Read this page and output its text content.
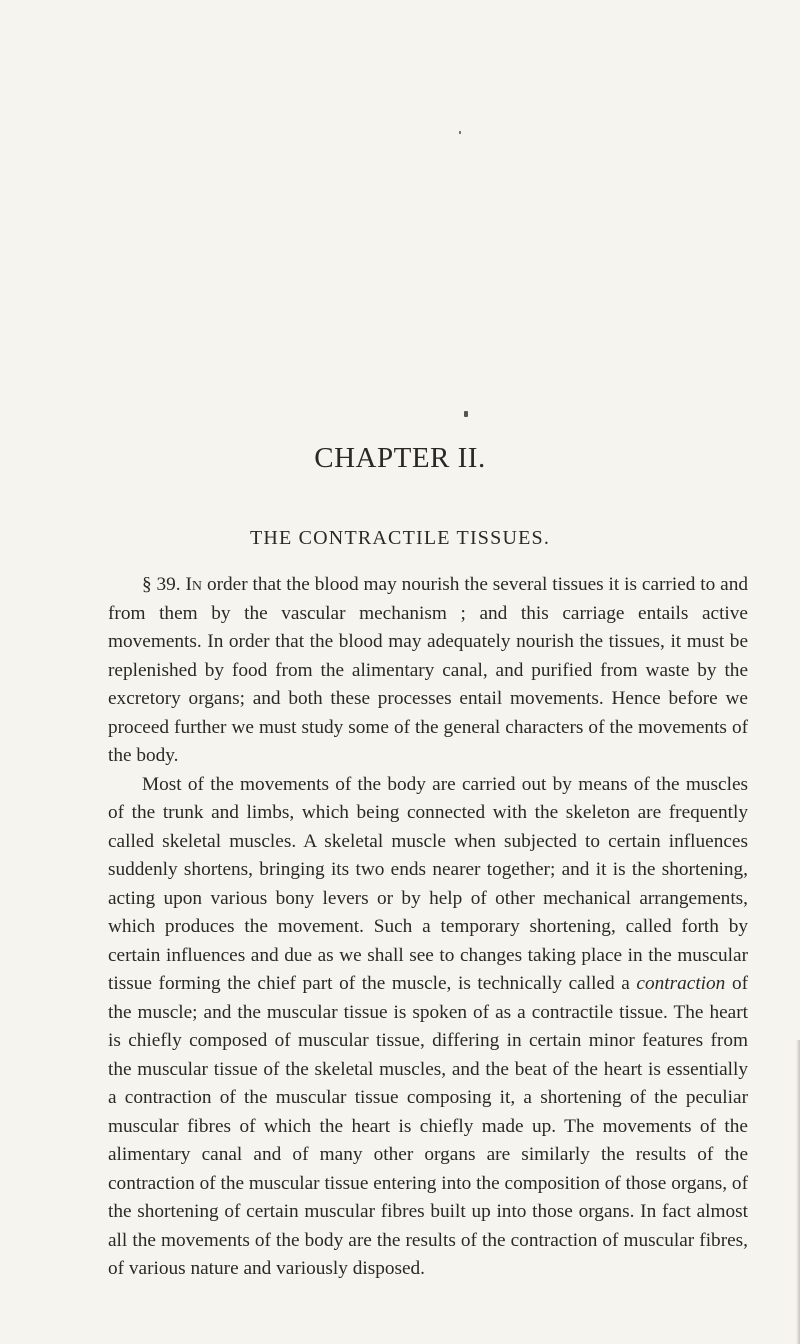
CHAPTER II.
THE CONTRACTILE TISSUES.

§ 39. In order that the blood may nourish the several tissues it is carried to and from them by the vascular mechanism ; and this carriage entails active movements. In order that the blood may adequately nourish the tissues, it must be replenished by food from the alimentary canal, and purified from waste by the excretory organs; and both these processes entail movements. Hence before we proceed further we must study some of the general characters of the movements of the body.

Most of the movements of the body are carried out by means of the muscles of the trunk and limbs, which being connected with the skeleton are frequently called skeletal muscles. A skeletal muscle when subjected to certain influences suddenly shortens, bringing its two ends nearer together; and it is the shortening, acting upon various bony levers or by help of other mechanical arrangements, which produces the movement. Such a temporary shortening, called forth by certain influences and due as we shall see to changes taking place in the muscular tissue forming the chief part of the muscle, is technically called a contraction of the muscle; and the muscular tissue is spoken of as a contractile tissue. The heart is chiefly composed of muscular tissue, differing in certain minor features from the muscular tissue of the skeletal muscles, and the beat of the heart is essentially a contraction of the muscular tissue composing it, a shortening of the peculiar muscular fibres of which the heart is chiefly made up. The movements of the alimentary canal and of many other organs are similarly the results of the contraction of the muscular tissue entering into the composition of those organs, of the shortening of certain muscular fibres built up into those organs. In fact almost all the movements of the body are the results of the contraction of muscular fibres, of various nature and variously disposed.
